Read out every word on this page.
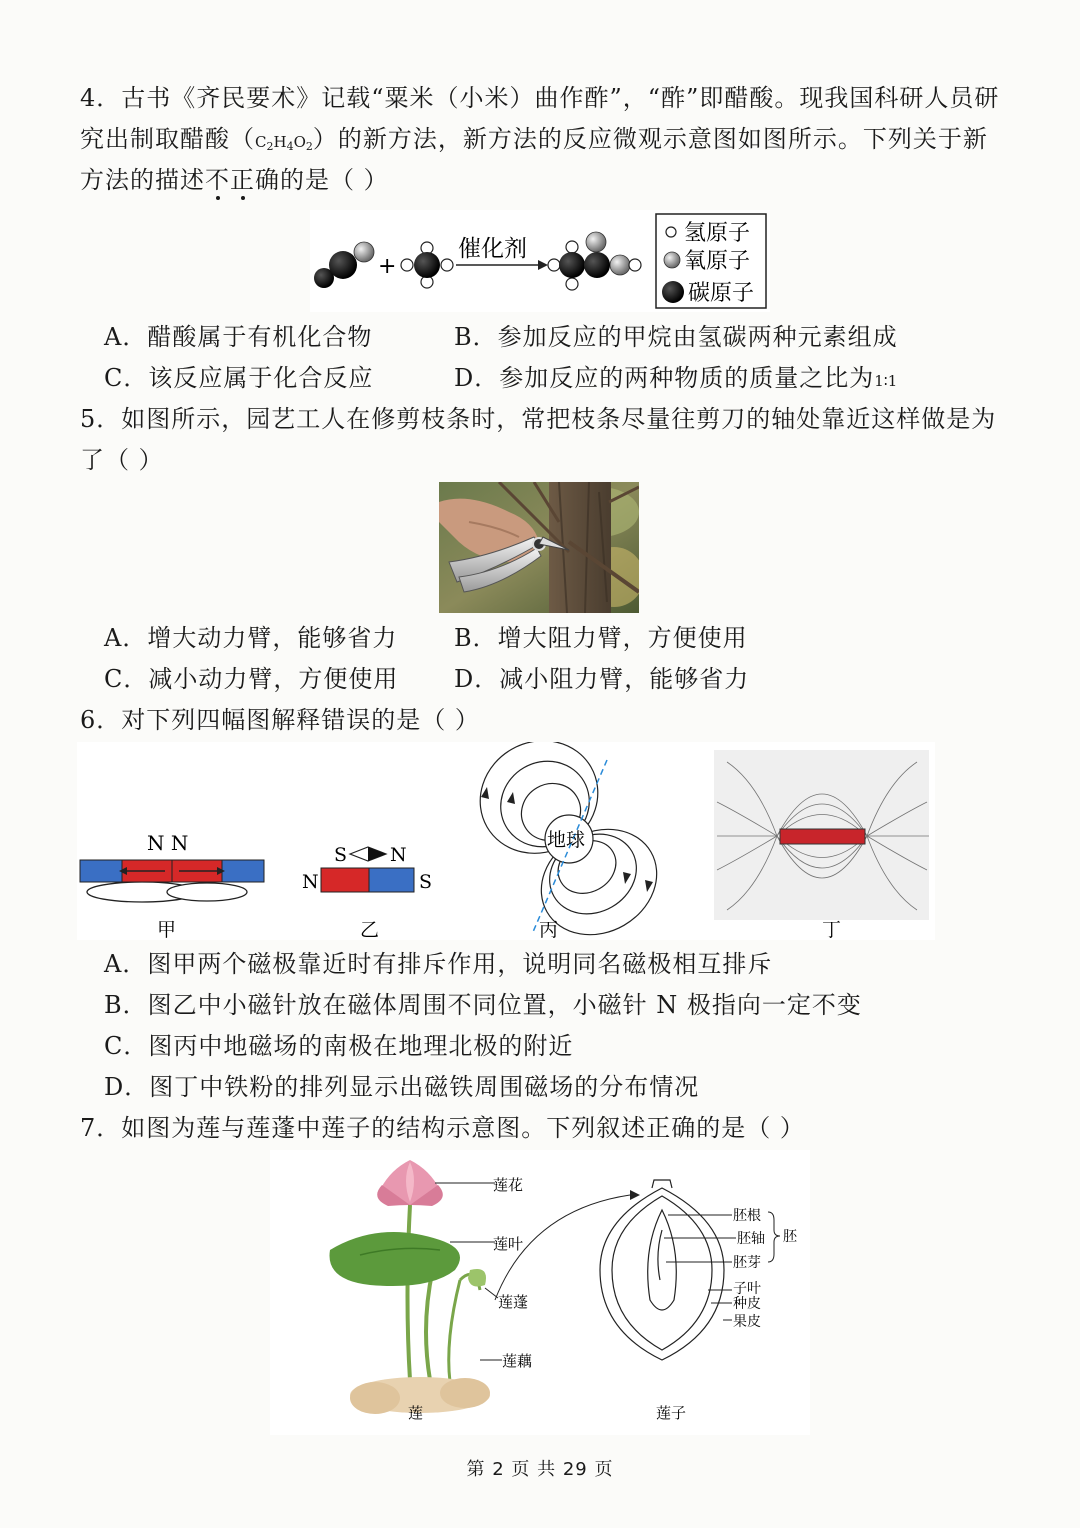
4．古书《齐民要术》记载“粟米（小米）曲作酢”，“酢”即醋酸。现我国科研人员研
究出制取醋酸$(C_2H_4O_2)$的新方法，新方法的反应微观示意图如图所示。下列关于新
方法的描述不正确的是（ ）
+
催化剂
氢原子
氧原子
碳原子
A．醋酸属于有机化合物	B．参加反应的甲烷由氢碳两种元素组成
C．该反应属于化合反应	D．参加反应的两种物质的质量之比为1∶1
5．如图所示，园艺工人在修剪枝条时，常把枝条尽量往剪刀的轴处靠近这样做是为
了（ ）
A．增大动力臂，能够省力 B．增大阻力臂，方便使用
C．减小动力臂，方便使用 D．减小阻力臂，能够省力
6．对下列四幅图解释错误的是（ ）
N N	S N
N	S
地球
甲	乙	丙	丁
A．图甲两个磁极靠近时有排斥作用，说明同名磁极相互排斥
B．图乙中小磁针放在磁体周围不同位置，小磁针 N 极指向一定不变
C．图丙中地磁场的南极在地理北极的附近
D．图丁中铁粉的排列显示出磁铁周围磁场的分布情况
7．如图为莲与莲蓬中莲子的结构示意图。下列叙述正确的是（ ）
莲花
莲叶
莲蓬
莲藕
莲
胚根
胚轴
胚芽
子叶
种皮
果皮
胚
莲子
第 2 页 共 29 页
